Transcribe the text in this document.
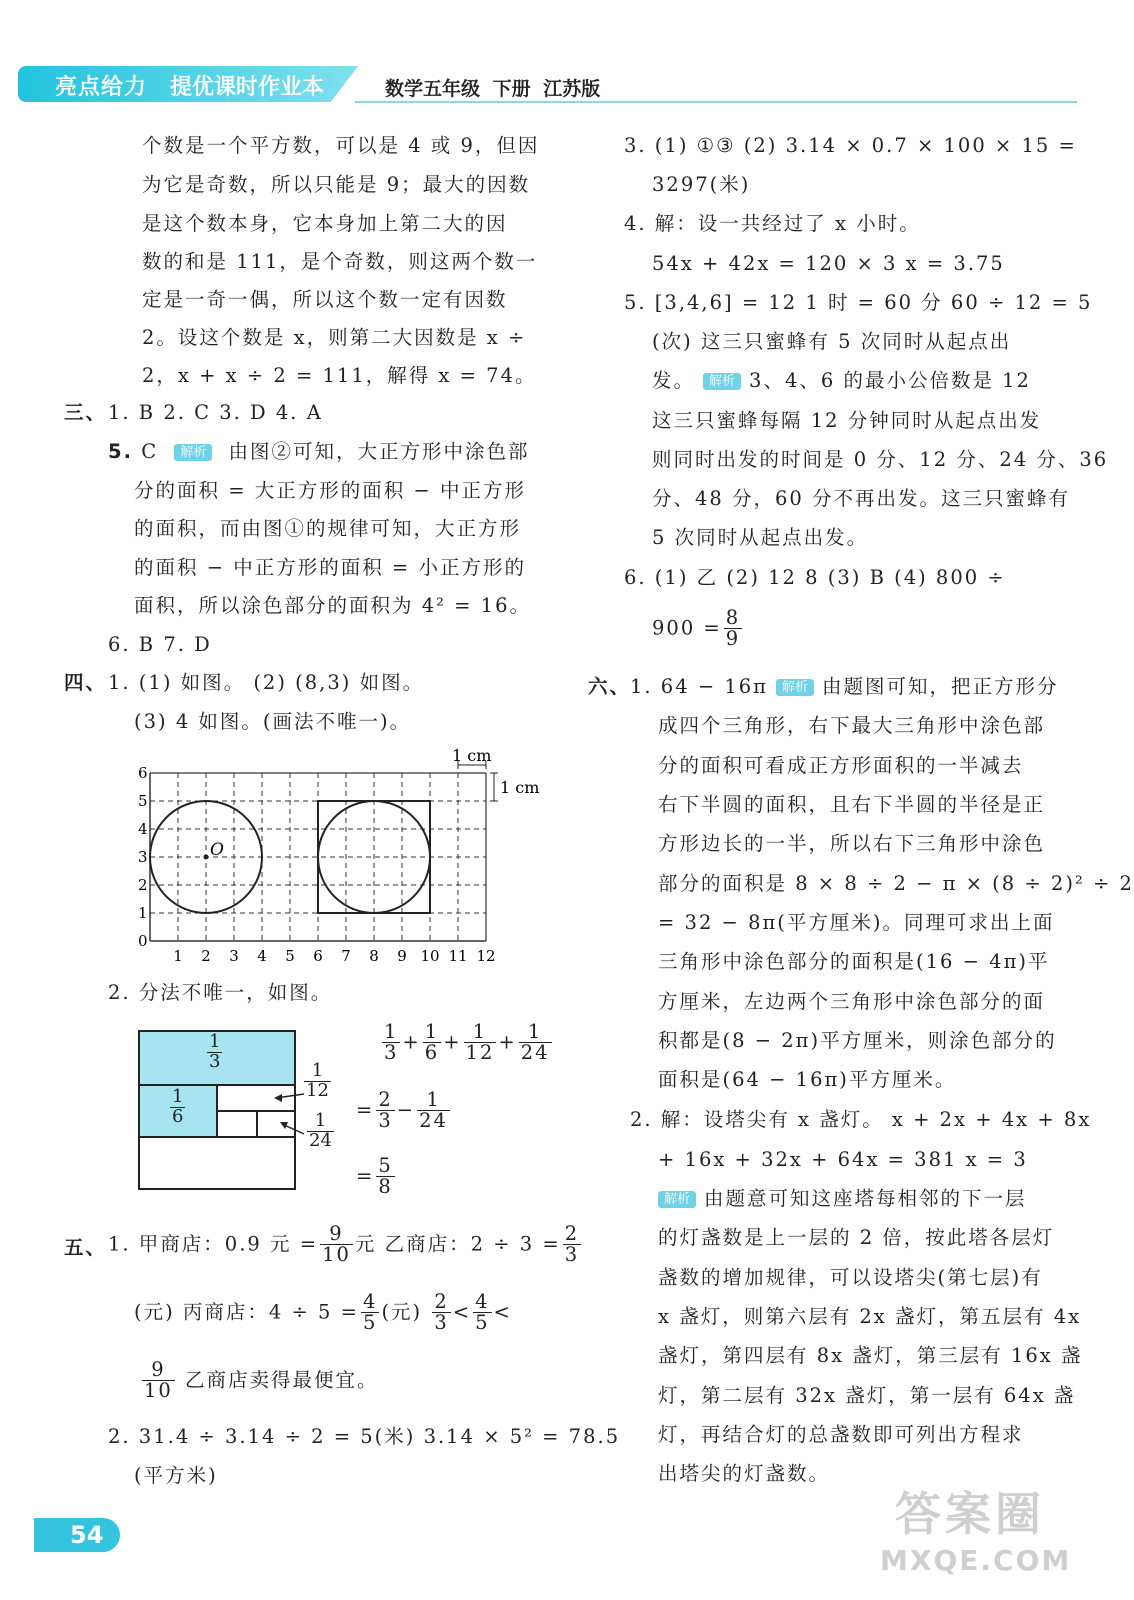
亮点给力 提优课时作业本	数学五年级 下册 江苏版
个数是一个平方数，可以是 4 或 9，但因
为它是奇数，所以只能是 9；最大的因数
是这个数本身，它本身加上第二大的因
数的和是 111，是个奇数，则这两个数一
定是一奇一偶，所以这个数一定有因数
2。设这个数是 x，则第二大因数是 x ÷
2，x + x ÷ 2 = 111，解得 x = 74。
三、 1. B 2. C 3. D 4. A
5. C 解析 由图②可知，大正方形中涂色部
分的面积 = 大正方形的面积 − 中正方形
的面积，而由图①的规律可知，大正方形
的面积 − 中正方形的面积 = 小正方形的
面积，所以涂色部分的面积为 4² = 16。
6. B 7. D
四、 1. (1) 如图。 (2) (8,3) 如图。
(3) 4 如图。(画法不唯一)。
O
1 cm
1 cm
0
1
2
3
4
5
6
1 2 3 4 5 6 7 8 9 10 11 12
2. 分法不唯一，如图。
$\frac{1}{3}$
$\frac{1}{6}$
$\frac{1}{12}$
$\frac{1}{24}$
$\frac{1}{3} + \frac{1}{6} + \frac{1}{12} + \frac{1}{24}$
= $\frac{2}{3} - \frac{1}{24}$
= $\frac{5}{8}$
五、 1. 甲商店：0.9 元 = $\frac{9}{10}$ 元 乙商店：$2 \div 3 = \frac{2}{3}$
(元) 丙商店：$4 \div 5 = \frac{4}{5}$ (元) $\frac{2}{3} < \frac{4}{5}$ <
$\frac{9}{10}$ 乙商店卖得最便宜。
2. 31.4 ÷ 3.14 ÷ 2 = 5(米) 3.14 × 5² = 78.5
(平方米)
3. (1) ①③ (2) 3.14 × 0.7 × 100 × 15 =
3297(米)
4. 解：设一共经过了 x 小时。
54x + 42x = 120 × 3 x = 3.75
5. [3,4,6] = 12 1 时 = 60 分 60 ÷ 12 = 5
(次) 这三只蜜蜂有 5 次同时从起点出
发。 解析 3、4、6 的最小公倍数是 12
这三只蜜蜂每隔 12 分钟同时从起点出发
则同时出发的时间是 0 分、12 分、24 分、36
分、48 分，60 分不再出发。这三只蜜蜂有
5 次同时从起点出发。
6. (1) 乙 (2) 12 8 (3) B (4) 800 ÷
$900 = \frac{8}{9}$
六、
1. 64 − 16π 解析 由题图可知，把正方形分
成四个三角形，右下最大三角形中涂色部
分的面积可看成正方形面积的一半减去
右下半圆的面积，且右下半圆的半径是正
方形边长的一半，所以右下三角形中涂色
部分的面积是 8 × 8 ÷ 2 − π × (8 ÷ 2)² ÷ 2
= 32 − 8π(平方厘米)。同理可求出上面
三角形中涂色部分的面积是(16 − 4π)平
方厘米，左边两个三角形中涂色部分的面
积都是(8 − 2π)平方厘米，则涂色部分的
面积是(64 − 16π)平方厘米。
2. 解：设塔尖有 x 盏灯。 x + 2x + 4x + 8x
+ 16x + 32x + 64x = 381 x = 3
解析 由题意可知这座塔每相邻的下一层
的灯盏数是上一层的 2 倍，按此塔各层灯
盏数的增加规律，可以设塔尖(第七层)有
x 盏灯，则第六层有 2x 盏灯，第五层有 4x
盏灯，第四层有 8x 盏灯，第三层有 16x 盏
灯，第二层有 32x 盏灯，第一层有 64x 盏
灯，再结合灯的总盏数即可列出方程求
出塔尖的灯盏数。
54	答案圈
MXQE.COM
